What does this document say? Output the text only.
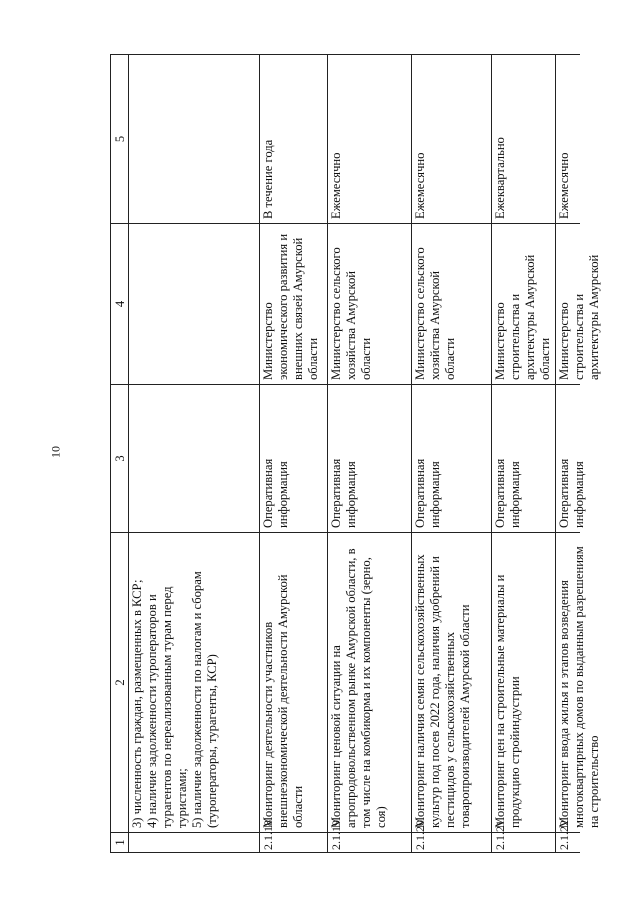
10
1
2
3
4
5
3) численность граждан, размещенных в КСР;
4) наличие задолженности туроператоров и турагентов по нереализованным турам перед туристами;
5) наличие задолженности по налогам и сборам (туроператоры, турагенты, КСР)
2.1.18
Мониторинг деятельности участников внешнеэкономической деятельности Амурской области
Оперативная информация
Министерство экономического развития и внешних связей Амурской области
В течение года
2.1.19
Мониторинг ценовой ситуации на агропродовольственном рынке Амурской области, в том числе на комбикорма и их компоненты (зерно, соя)
Оперативная информация
Министерство сельского хозяйства Амурской области
Ежемесячно
2.1.20
Мониторинг наличия семян сельскохозяйственных культур под посев 2022 года, наличия удобрений и пестицидов у сельскохозяйственных товаропроизводителей Амурской области
Оперативная информация
Министерство сельского хозяйства Амурской области
Ежемесячно
2.1.21
Мониторинг цен на строительные материалы и продукцию стройиндустрии
Оперативная информация
Министерство строительства и архитектуры Амурской области
Ежеквартально
2.1.22
Мониторинг ввода жилья и этапов возведения многоквартирных домов по выданным разрешениям на строительство
Оперативная информация
Министерство строительства и архитектуры Амурской
Ежемесячно
